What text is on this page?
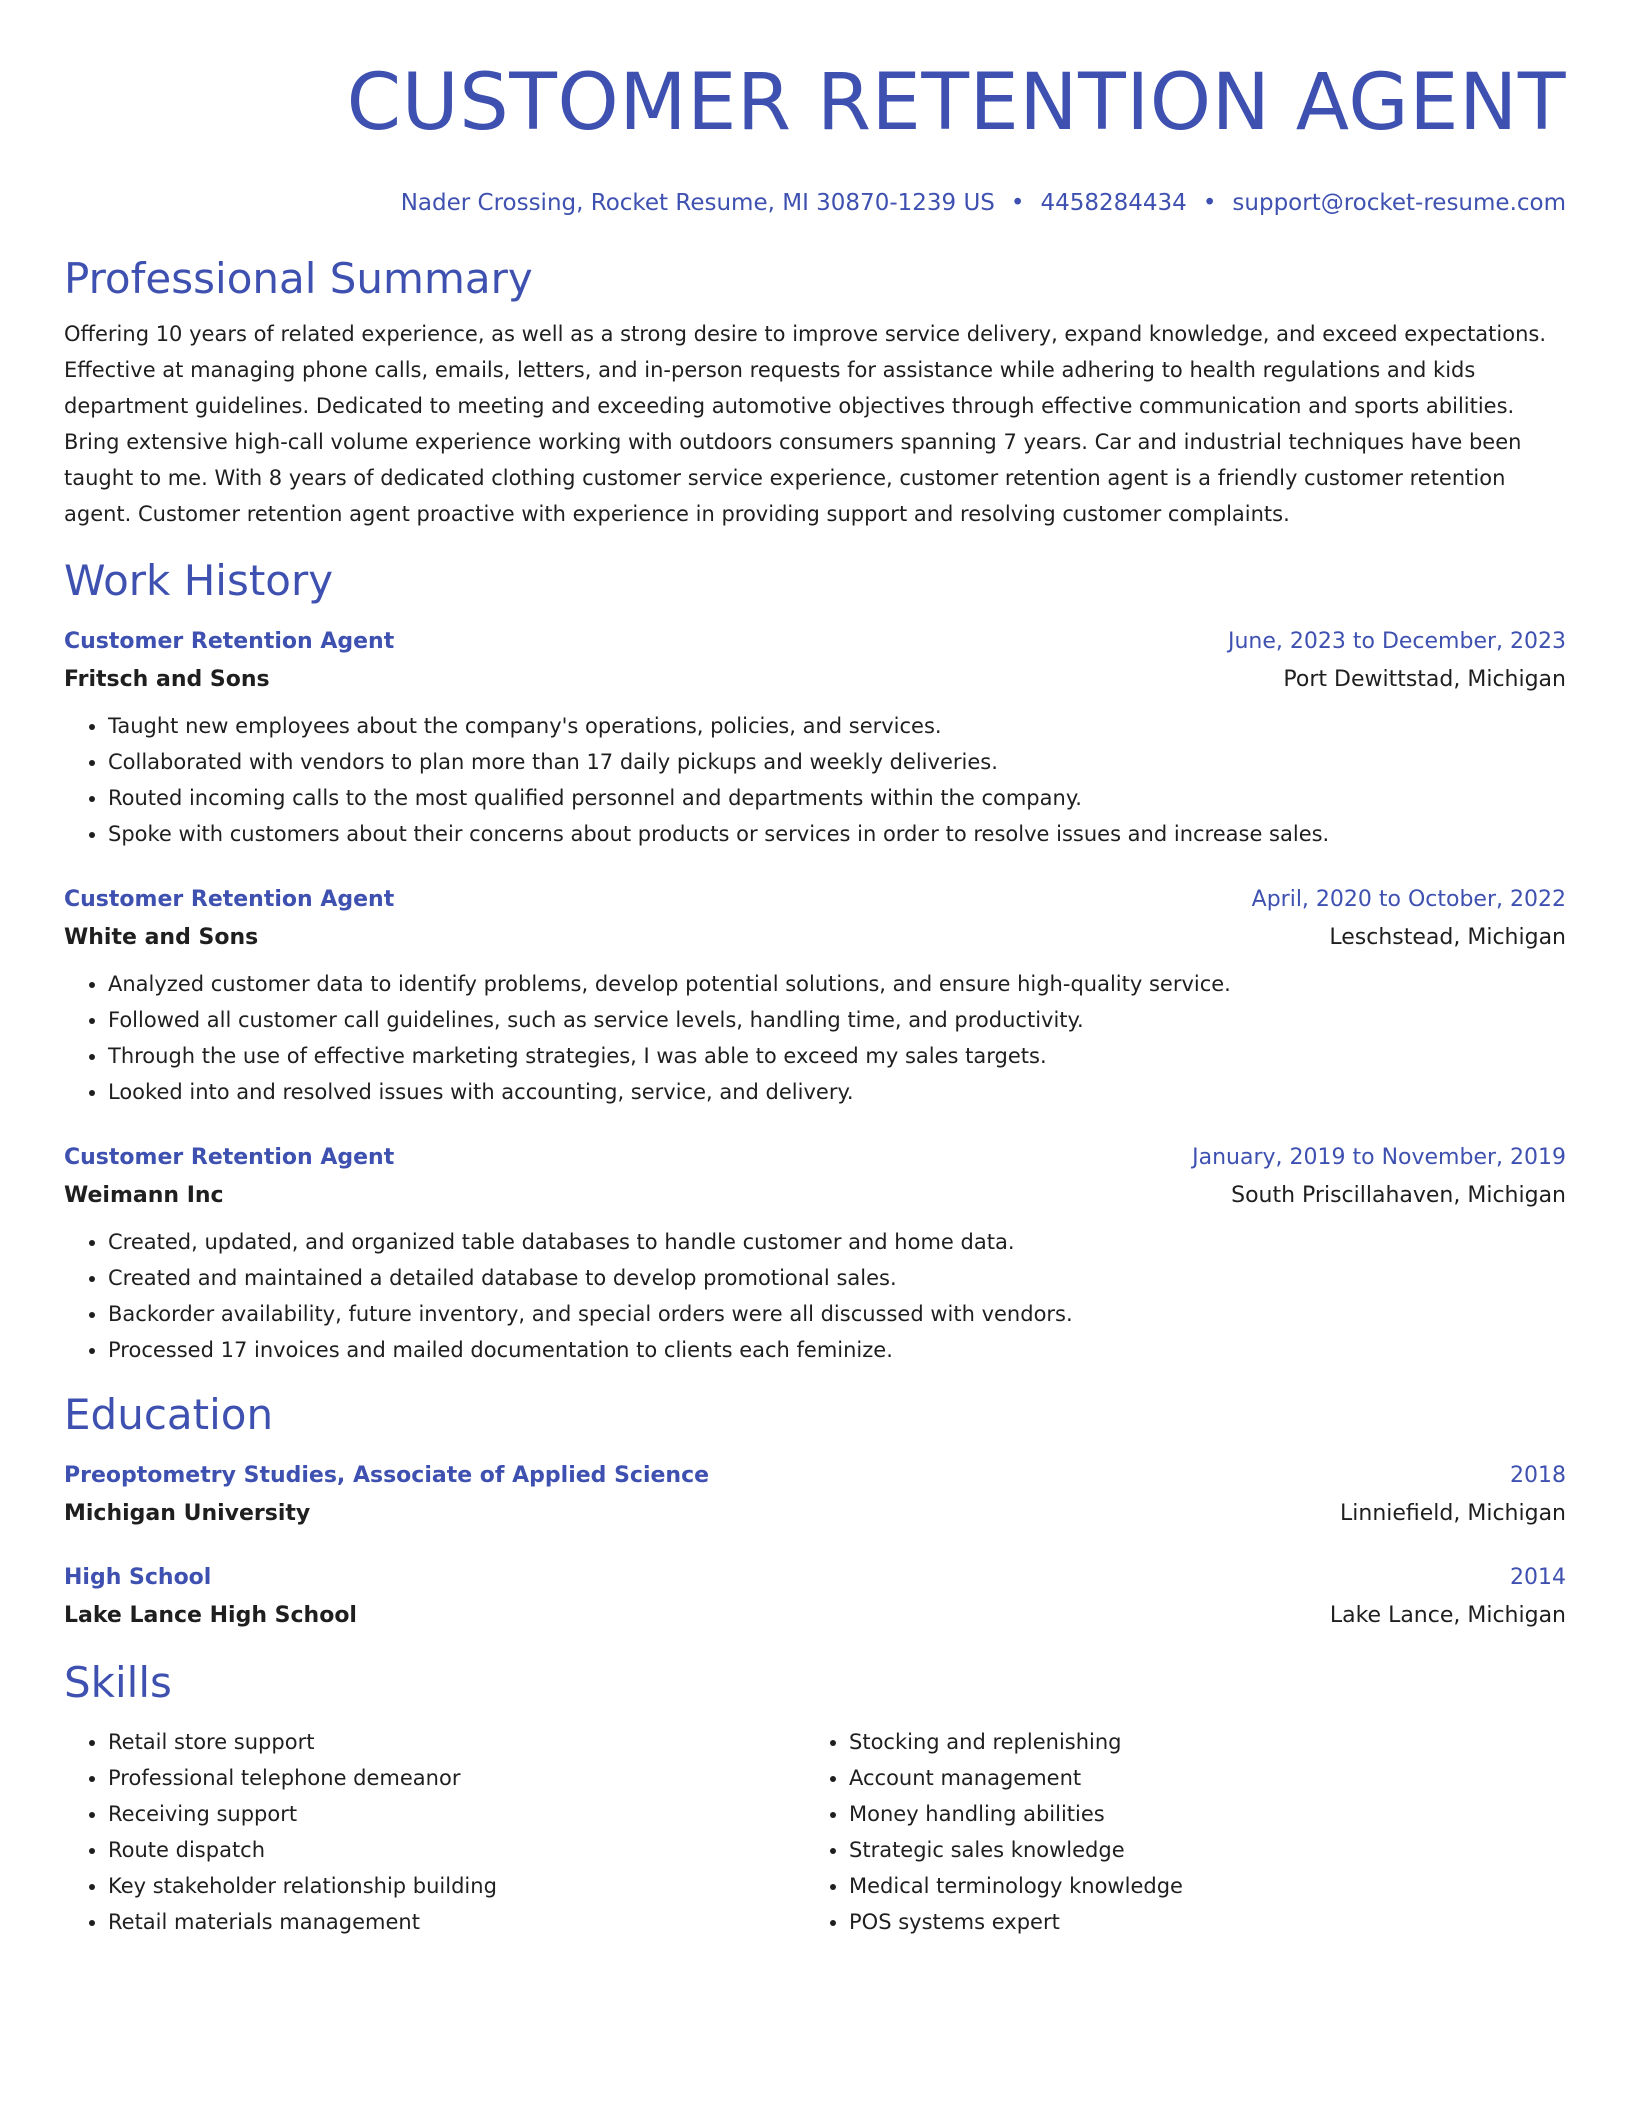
CUSTOMER RETENTION AGENT
Nader Crossing, Rocket Resume, MI 30870-1239 US • 4458284434 • support@rocket-resume.com
Professional Summary
Offering 10 years of related experience, as well as a strong desire to improve service delivery, expand knowledge, and exceed expectations. Effective at managing phone calls, emails, letters, and in-person requests for assistance while adhering to health regulations and kids department guidelines. Dedicated to meeting and exceeding automotive objectives through effective communication and sports abilities. Bring extensive high-call volume experience working with outdoors consumers spanning 7 years. Car and industrial techniques have been taught to me. With 8 years of dedicated clothing customer service experience, customer retention agent is a friendly customer retention agent. Customer retention agent proactive with experience in providing support and resolving customer complaints.
Work History
Customer Retention Agent	June, 2023 to December, 2023
Fritsch and Sons	Port Dewittstad, Michigan
• Taught new employees about the company's operations, policies, and services.
• Collaborated with vendors to plan more than 17 daily pickups and weekly deliveries.
• Routed incoming calls to the most qualified personnel and departments within the company.
• Spoke with customers about their concerns about products or services in order to resolve issues and increase sales.
Customer Retention Agent	April, 2020 to October, 2022
White and Sons	Leschstead, Michigan
• Analyzed customer data to identify problems, develop potential solutions, and ensure high-quality service.
• Followed all customer call guidelines, such as service levels, handling time, and productivity.
• Through the use of effective marketing strategies, I was able to exceed my sales targets.
• Looked into and resolved issues with accounting, service, and delivery.
Customer Retention Agent	January, 2019 to November, 2019
Weimann Inc	South Priscillahaven, Michigan
• Created, updated, and organized table databases to handle customer and home data.
• Created and maintained a detailed database to develop promotional sales.
• Backorder availability, future inventory, and special orders were all discussed with vendors.
• Processed 17 invoices and mailed documentation to clients each feminize.
Education
Preoptometry Studies, Associate of Applied Science	2018
Michigan University	Linniefield, Michigan
High School	2014
Lake Lance High School	Lake Lance, Michigan
Skills
• Retail store support
• Professional telephone demeanor
• Receiving support
• Route dispatch
• Key stakeholder relationship building
• Retail materials management
• Stocking and replenishing
• Account management
• Money handling abilities
• Strategic sales knowledge
• Medical terminology knowledge
• POS systems expert
